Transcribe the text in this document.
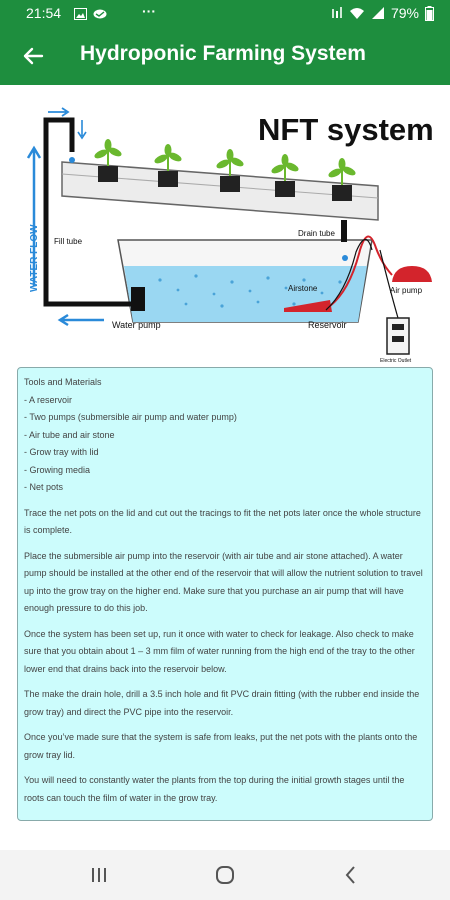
21:54
	···	79%
Hydroponic Farming System
NFT system
Airstone
Fill tube
Drain tube
Air pump
Electric Outlet
WATER FLOW
Water pump	Reservoir
Tools and Materials
- A reservoir
- Two pumps (submersible air pump and water pump)
- Air tube and air stone
- Grow tray with lid
- Growing media
- Net pots

Trace the net pots on the lid and cut out the tracings to fit the net pots later once the whole structure is complete.

Place the submersible air pump into the reservoir (with air tube and air stone attached). A water pump should be installed at the other end of the reservoir that will allow the nutrient solution to travel up into the grow tray on the higher end. Make sure that you purchase an air pump that will have enough pressure to do this job.

Once the system has been set up, run it once with water to check for leakage. Also check to make sure that you obtain about 1 – 3 mm film of water running from the high end of the tray to the other lower end that drains back into the reservoir below.

The make the drain hole, drill a 3.5 inch hole and fit PVC drain fitting (with the rubber end inside the grow tray) and direct the PVC pipe into the reservoir.

Once you’ve made sure that the system is safe from leaks, put the net pots with the plants onto the grow tray lid.

You will need to constantly water the plants from the top during the initial growth stages until the roots can touch the film of water in the grow tray.
